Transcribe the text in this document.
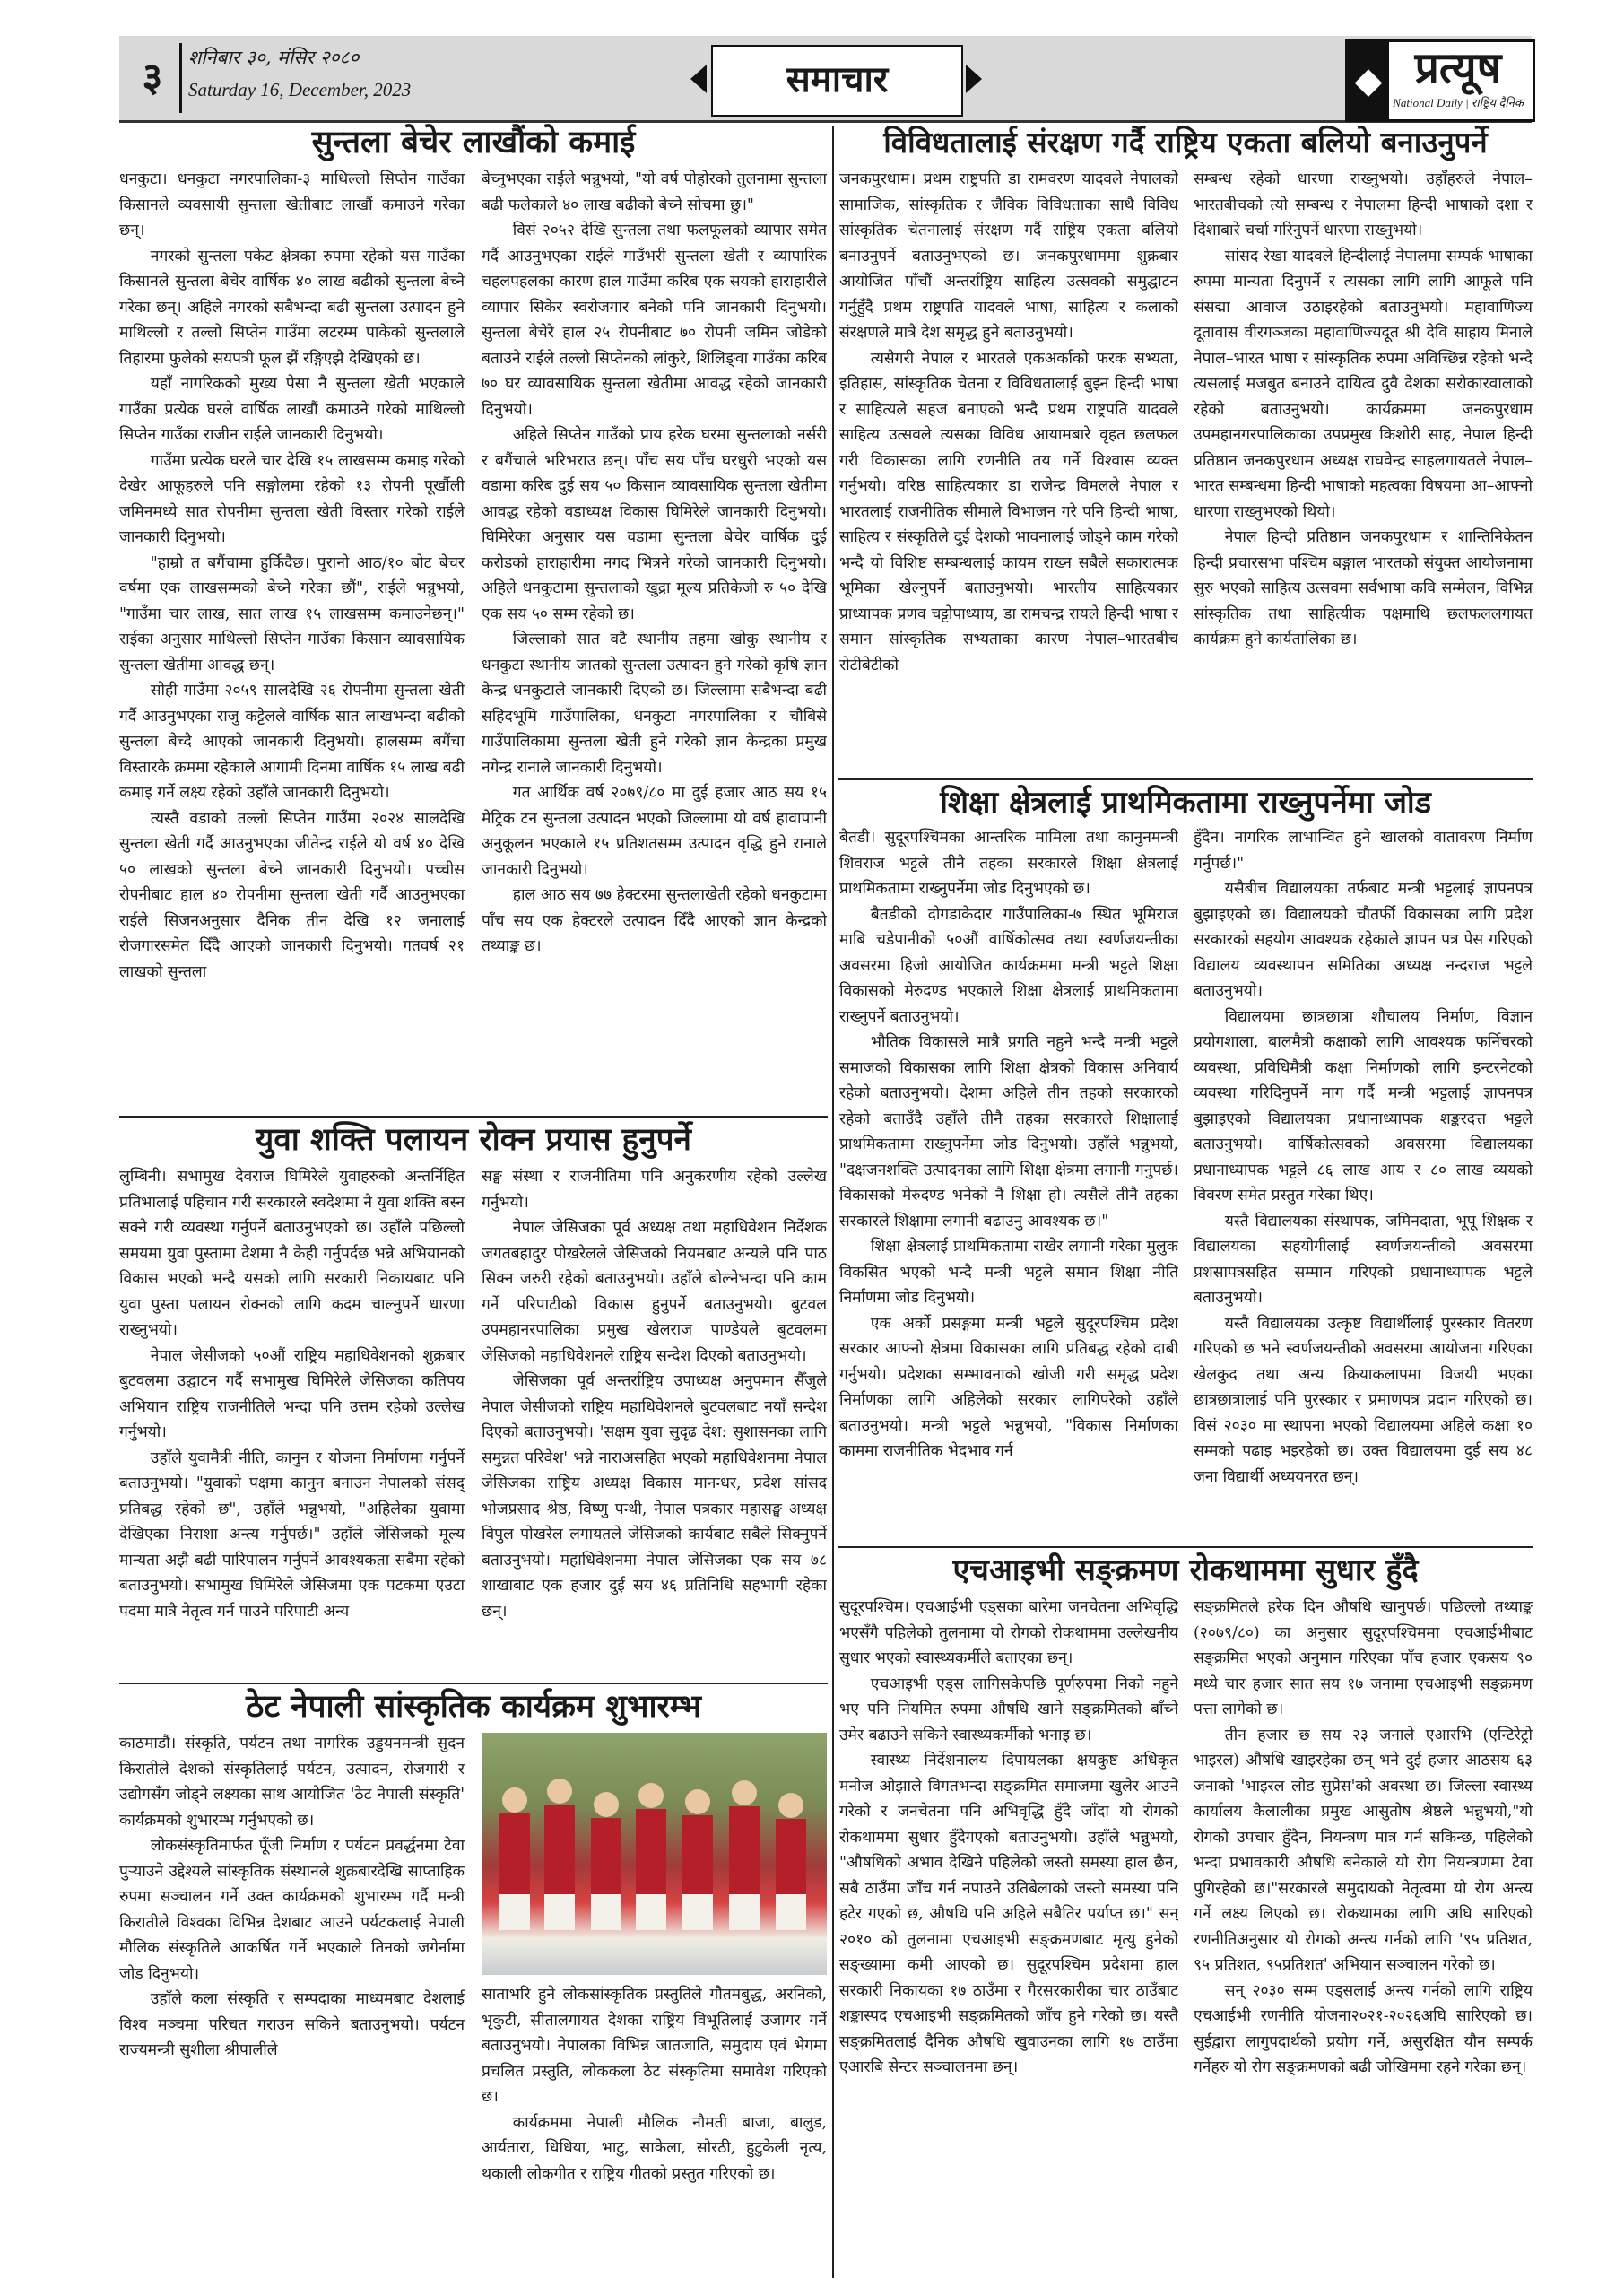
३	शनिबार ३०, मंसिर २०८०
Saturday 16, December, 2023	समाचार	◆ प्रत्यूष
National Daily | राष्ट्रिय दैनिक
सुन्तला बेचेर लाखौंको कमाई

धनकुटा। धनकुटा नगरपालिका-३ माथिल्लो सिप्तेन गाउँका किसानले व्यवसायी सुन्तला खेतीबाट लाखौं कमाउने गरेका छन्।

नगरको सुन्तला पकेट क्षेत्रका रुपमा रहेको यस गाउँका किसानले सुन्तला बेचेर वार्षिक ४० लाख बढीको सुन्तला बेच्ने गरेका छन्। अहिले नगरको सबैभन्दा बढी सुन्तला उत्पादन हुने माथिल्लो र तल्लो सिप्तेन गाउँमा लटरम्म पाकेको सुन्तलाले तिहारमा फुलेको सयपत्री फूल झैं रङ्गिएझै देखिएको छ।

यहाँ नागरिकको मुख्य पेसा नै सुन्तला खेती भएकाले गाउँका प्रत्येक घरले वार्षिक लाखौं कमाउने गरेको माथिल्लो सिप्तेन गाउँका राजीन राईले जानकारी दिनुभयो।

गाउँमा प्रत्येक घरले चार देखि १५ लाखसम्म कमाइ गरेको देखेर आफूहरुले पनि सङ्गोलमा रहेको १३ रोपनी पूर्खौली जमिनमध्ये सात रोपनीमा सुन्तला खेती विस्तार गरेको राईले जानकारी दिनुभयो।

"हाम्रो त बगैंचामा हुर्किदैछ। पुरानो आठ/१० बोट बेचर वर्षमा एक लाखसम्मको बेच्ने गरेका छौं", राईले भन्नुभयो, "गाउँमा चार लाख, सात लाख १५ लाखसम्म कमाउनेछन्।" राईका अनुसार माथिल्लो सिप्तेन गाउँका किसान व्यावसायिक सुन्तला खेतीमा आवद्ध छन्।

सोही गाउँमा २०५९ सालदेखि २६ रोपनीमा सुन्तला खेती गर्दै आउनुभएका राजु कट्टेलले वार्षिक सात लाखभन्दा बढीको सुन्तला बेच्दै आएको जानकारी दिनुभयो। हालसम्म बगैंचा विस्तारकै क्रममा रहेकाले आगामी दिनमा वार्षिक १५ लाख बढी कमाइ गर्ने लक्ष्य रहेको उहाँले जानकारी दिनुभयो।

त्यस्तै वडाको तल्लो सिप्तेन गाउँमा २०२४ सालदेखि सुन्तला खेती गर्दै आउनुभएका जीतेन्द्र राईले यो वर्ष ४० देखि ५० लाखको सुन्तला बेच्ने जानकारी दिनुभयो। पच्चीस रोपनीबाट हाल ४० रोपनीमा सुन्तला खेती गर्दै आउनुभएका राईले सिजनअनुसार दैनिक तीन देखि १२ जनालाई रोजगारसमेत दिँदै आएको जानकारी दिनुभयो। गतवर्ष २१ लाखको सुन्तला

बेच्नुभएका राईले भन्नुभयो, "यो वर्ष पोहोरको तुलनामा सुन्तला बढी फलेकाले ४० लाख बढीको बेच्ने सोचमा छु।"

विसं २०५२ देखि सुन्तला तथा फलफूलको व्यापार समेत गर्दै आउनुभएका राईले गाउँभरी सुन्तला खेती र व्यापारिक चहलपहलका कारण हाल गाउँमा करिब एक सयको हाराहारीले व्यापार सिकेर स्वरोजगार बनेको पनि जानकारी दिनुभयो। सुन्तला बेचेरै हाल २५ रोपनीबाट ७० रोपनी जमिन जोडेको बताउने राईले तल्लो सिप्तेनको लांकुरे, शिलिङ्वा गाउँका करिब ७० घर व्यावसायिक सुन्तला खेतीमा आवद्ध रहेको जानकारी दिनुभयो।

अहिले सिप्तेन गाउँको प्राय हरेक घरमा सुन्तलाको नर्सरी र बगैंचाले भरिभराउ छन्। पाँच सय पाँच घरधुरी भएको यस वडामा करिब दुई सय ५० किसान व्यावसायिक सुन्तला खेतीमा आवद्ध रहेको वडाध्यक्ष विकास घिमिरेले जानकारी दिनुभयो। घिमिरेका अनुसार यस वडामा सुन्तला बेचेर वार्षिक दुई करोडको हाराहारीमा नगद भित्रने गरेको जानकारी दिनुभयो। अहिले धनकुटामा सुन्तलाको खुद्रा मूल्य प्रतिकेजी रु ५० देखि एक सय ५० सम्म रहेको छ।

जिल्लाको सात वटै स्थानीय तहमा खोकु स्थानीय र धनकुटा स्थानीय जातको सुन्तला उत्पादन हुने गरेको कृषि ज्ञान केन्द्र धनकुटाले जानकारी दिएको छ। जिल्लामा सबैभन्दा बढी सहिदभूमि गाउँपालिका, धनकुटा नगरपालिका र चौबिसे गाउँपालिकामा सुन्तला खेती हुने गरेको ज्ञान केन्द्रका प्रमुख नगेन्द्र रानाले जानकारी दिनुभयो।

गत आर्थिक वर्ष २०७९/८० मा दुई हजार आठ सय १५ मेट्रिक टन सुन्तला उत्पादन भएको जिल्लामा यो वर्ष हावापानी अनुकूलन भएकाले १५ प्रतिशतसम्म उत्पादन वृद्धि हुने रानाले जानकारी दिनुभयो।

हाल आठ सय ७७ हेक्टरमा सुन्तलाखेती रहेको धनकुटामा पाँच सय एक हेक्टरले उत्पादन दिँदै आएको ज्ञान केन्द्रको तथ्याङ्क छ।

विविधतालाई संरक्षण गर्दै राष्ट्रिय एकता बलियो बनाउनुपर्ने

जनकपुरधाम। प्रथम राष्ट्रपति डा रामवरण यादवले नेपालको सामाजिक, सांस्कृतिक र जैविक विविधताका साथै विविध सांस्कृतिक चेतनालाई संरक्षण गर्दै राष्ट्रिय एकता बलियो बनाउनुपर्ने बताउनुभएको छ। जनकपुरधाममा शुक्रबार आयोजित पाँचौं अन्तर्राष्ट्रिय साहित्य उत्सवको समुद्घाटन गर्नुहुँदै प्रथम राष्ट्रपति यादवले भाषा, साहित्य र कलाको संरक्षणले मात्रै देश समृद्ध हुने बताउनुभयो।

त्यसैगरी नेपाल र भारतले एकअर्काको फरक सभ्यता, इतिहास, सांस्कृतिक चेतना र विविधतालाई बुझ्न हिन्दी भाषा र साहित्यले सहज बनाएको भन्दै प्रथम राष्ट्रपति यादवले साहित्य उत्सवले त्यसका विविध आयामबारे वृहत छलफल गरी विकासका लागि रणनीति तय गर्ने विश्वास व्यक्त गर्नुभयो। वरिष्ठ साहित्यकार डा राजेन्द्र विमलले नेपाल र भारतलाई राजनीतिक सीमाले विभाजन गरे पनि हिन्दी भाषा, साहित्य र संस्कृतिले दुई देशको भावनालाई जोड्ने काम गरेको भन्दै यो विशिष्ट सम्बन्धलाई कायम राख्न सबैले सकारात्मक भूमिका खेल्नुपर्ने बताउनुभयो। भारतीय साहित्यकार प्राध्यापक प्रणव चट्टोपाध्याय, डा रामचन्द्र रायले हिन्दी भाषा र समान सांस्कृतिक सभ्यताका कारण नेपाल–भारतबीच रोटीबेटीको

सम्बन्ध रहेको धारणा राख्नुभयो। उहाँहरुले नेपाल–भारतबीचको त्यो सम्बन्ध र नेपालमा हिन्दी भाषाको दशा र दिशाबारे चर्चा गरिनुपर्ने धारणा राख्नुभयो।

सांसद रेखा यादवले हिन्दीलाई नेपालमा सम्पर्क भाषाका रुपमा मान्यता दिनुपर्ने र त्यसका लागि लागि आफूले पनि संसद्मा आवाज उठाइरहेको बताउनुभयो। महावाणिज्य दूतावास वीरगञ्जका महावाणिज्यदूत श्री देवि साहाय मिनाले नेपाल–भारत भाषा र सांस्कृतिक रुपमा अविच्छिन्न रहेको भन्दै त्यसलाई मजबुत बनाउने दायित्व दुवै देशका सरोकारवालाको रहेको बताउनुभयो। कार्यक्रममा जनकपुरधाम उपमहानगरपालिकाका उपप्रमुख किशोरी साह, नेपाल हिन्दी प्रतिष्ठान जनकपुरधाम अध्यक्ष राघवेन्द्र साहलगायतले नेपाल–भारत सम्बन्धमा हिन्दी भाषाको महत्वका विषयमा आ–आफ्नो धारणा राख्नुभएको थियो।

नेपाल हिन्दी प्रतिष्ठान जनकपुरधाम र शान्तिनिकेतन हिन्दी प्रचारसभा पश्चिम बङ्गाल भारतको संयुक्त आयोजनामा सुरु भएको साहित्य उत्सवमा सर्वभाषा कवि सम्मेलन, विभिन्न सांस्कृतिक तथा साहित्यीक पक्षमाथि छलफललगायत कार्यक्रम हुने कार्यतालिका छ।

शिक्षा क्षेत्रलाई प्राथमिकतामा राख्नुपर्नेमा जोड

बैतडी। सुदूरपश्चिमका आन्तरिक मामिला तथा कानुनमन्त्री शिवराज भट्टले तीनै तहका सरकारले शिक्षा क्षेत्रलाई प्राथमिकतामा राख्नुपर्नेमा जोड दिनुभएको छ।

बैतडीको दोगडाकेदार गाउँपालिका-७ स्थित भूमिराज माबि चडेपानीको ५०औं वार्षिकोत्सव तथा स्वर्णजयन्तीका अवसरमा हिजो आयोजित कार्यक्रममा मन्त्री भट्टले शिक्षा विकासको मेरुदण्ड भएकाले शिक्षा क्षेत्रलाई प्राथमिकतामा राख्नुपर्ने बताउनुभयो।

भौतिक विकासले मात्रै प्रगति नहुने भन्दै मन्त्री भट्टले समाजको विकासका लागि शिक्षा क्षेत्रको विकास अनिवार्य रहेको बताउनुभयो। देशमा अहिले तीन तहको सरकारको रहेको बताउँदै उहाँले तीनै तहका सरकारले शिक्षालाई प्राथमिकतामा राख्नुपर्नेमा जोड दिनुभयो। उहाँले भन्नुभयो, "दक्षजनशक्ति उत्पादनका लागि शिक्षा क्षेत्रमा लगानी गनुपर्छ। विकासको मेरुदण्ड भनेको नै शिक्षा हो। त्यसैले तीनै तहका सरकारले शिक्षामा लगानी बढाउनु आवश्यक छ।"

शिक्षा क्षेत्रलाई प्राथमिकतामा राखेर लगानी गरेका मुलुक विकसित भएको भन्दै मन्त्री भट्टले समान शिक्षा नीति निर्माणमा जोड दिनुभयो।

एक अर्को प्रसङ्गमा मन्त्री भट्टले सुदूरपश्चिम प्रदेश सरकार आफ्नो क्षेत्रमा विकासका लागि प्रतिबद्ध रहेको दाबी गर्नुभयो। प्रदेशका सम्भावनाको खोजी गरी समृद्ध प्रदेश निर्माणका लागि अहिलेको सरकार लागिपरेको उहाँले बताउनुभयो। मन्त्री भट्टले भन्नुभयो, "विकास निर्माणका काममा राजनीतिक भेदभाव गर्न

हुँदैन। नागरिक लाभान्वित हुने खालको वातावरण निर्माण गर्नुपर्छ।"

यसैबीच विद्यालयका तर्फबाट मन्त्री भट्टलाई ज्ञापनपत्र बुझाइएको छ। विद्यालयको चौतर्फी विकासका लागि प्रदेश सरकारको सहयोग आवश्यक रहेकाले ज्ञापन पत्र पेस गरिएको विद्यालय व्यवस्थापन समितिका अध्यक्ष नन्दराज भट्टले बताउनुभयो।

विद्यालयमा छात्रछात्रा शौचालय निर्माण, विज्ञान प्रयोगशाला, बालमैत्री कक्षाको लागि आवश्यक फर्निचरको व्यवस्था, प्रविधिमैत्री कक्षा निर्माणको लागि इन्टरनेटको व्यवस्था गरिदिनुपर्ने माग गर्दै मन्त्री भट्टलाई ज्ञापनपत्र बुझाइएको विद्यालयका प्रधानाध्यापक शङ्करदत्त भट्टले बताउनुभयो। वार्षिकोत्सवको अवसरमा विद्यालयका प्रधानाध्यापक भट्टले ८६ लाख आय र ८० लाख व्ययको विवरण समेत प्रस्तुत गरेका थिए।

यस्तै विद्यालयका संस्थापक, जमिनदाता, भूपू शिक्षक र विद्यालयका सहयोगीलाई स्वर्णजयन्तीको अवसरमा प्रशंसापत्रसहित सम्मान गरिएको प्रधानाध्यापक भट्टले बताउनुभयो।

यस्तै विद्यालयका उत्कृष्ट विद्यार्थीलाई पुरस्कार वितरण गरिएको छ भने स्वर्णजयन्तीको अवसरमा आयोजना गरिएका खेलकुद तथा अन्य क्रियाकलापमा विजयी भएका छात्रछात्रालाई पनि पुरस्कार र प्रमाणपत्र प्रदान गरिएको छ। विसं २०३० मा स्थापना भएको विद्यालयमा अहिले कक्षा १० सम्मको पढाइ भइरहेको छ। उक्त विद्यालयमा दुई सय ४८ जना विद्यार्थी अध्ययनरत छन्।

एचआइभी सङ्क्रमण रोकथाममा सुधार हुँदै

सुदूरपश्चिम। एचआईभी एड्सका बारेमा जनचेतना अभिवृद्धि भएसँगै पहिलेको तुलनामा यो रोगको रोकथाममा उल्लेखनीय सुधार भएको स्वास्थ्यकर्मीले बताएका छन्।

एचआइभी एड्स लागिसकेपछि पूर्णरुपमा निको नहुने भए पनि नियमित रुपमा औषधि खाने सङ्क्रमितको बाँच्ने उमेर बढाउने सकिने स्वास्थ्यकर्मीको भनाइ छ।

स्वास्थ्य निर्देशनालय दिपायलका क्षयकुष्ट अधिकृत मनोज ओझाले विगतभन्दा सङ्क्रमित समाजमा खुलेर आउने गरेको र जनचेतना पनि अभिवृद्धि हुँदै जाँदा यो रोगको रोकथाममा सुधार हुँदैगएको बताउनुभयो। उहाँले भन्नुभयो, "औषधिको अभाव देखिने पहिलेको जस्तो समस्या हाल छैन, सबै ठाउँमा जाँच गर्न नपाउने उतिबेलाको जस्तो समस्या पनि हटेर गएको छ, औषधि पनि अहिले सबैतिर पर्याप्त छ।" सन् २०१० को तुलनामा एचआइभी सङ्क्रमणबाट मृत्यु हुनेको सङ्ख्यामा कमी आएको छ। सुदूरपश्चिम प्रदेशमा हाल सरकारी निकायका १७ ठाउँमा र गैरसरकारीका चार ठाउँबाट शङ्कास्पद एचआइभी सङ्क्रमितको जाँच हुने गरेको छ। यस्तै सङ्क्रमितलाई दैनिक औषधि खुवाउनका लागि १७ ठाउँमा एआरबि सेन्टर सञ्चालनमा छन्।

सङ्क्रमितले हरेक दिन औषधि खानुपर्छ। पछिल्लो तथ्याङ्क (२०७९/८०) का अनुसार सुदूरपश्चिममा एचआईभीबाट सङ्क्रमित भएको अनुमान गरिएका पाँच हजार एकसय ९० मध्ये चार हजार सात सय १७ जनामा एचआइभी सङ्क्रमण पत्ता लागेको छ।

तीन हजार छ सय २३ जनाले एआरभि (एन्टिरेट्रो भाइरल) औषधि खाइरहेका छन् भने दुई हजार आठसय ६३ जनाको 'भाइरल लोड सुप्रेस'को अवस्था छ। जिल्ला स्वास्थ्य कार्यालय कैलालीका प्रमुख आसुतोष श्रेष्ठले भन्नुभयो,"यो रोगको उपचार हुँदैन, नियन्त्रण मात्र गर्न सकिन्छ, पहिलेको भन्दा प्रभावकारी औषधि बनेकाले यो रोग नियन्त्रणमा टेवा पुगिरहेको छ।"सरकारले समुदायको नेतृत्वमा यो रोग अन्त्य गर्ने लक्ष्य लिएको छ। रोकथामका लागि अघि सारिएको रणनीतिअनुसार यो रोगको अन्त्य गर्नको लागि '९५ प्रतिशत, ९५ प्रतिशत, ९५प्रतिशत' अभियान सञ्चालन गरेको छ।

सन् २०३० सम्म एड्सलाई अन्त्य गर्नको लागि राष्ट्रिय एचआईभी रणनीति योजना२०२१-२०२६अघि सारिएको छ। सुईद्वारा लागुपदार्थको प्रयोग गर्ने, असुरक्षित यौन सम्पर्क गर्नेहरु यो रोग सङ्क्रमणको बढी जोखिममा रहने गरेका छन्।

युवा शक्ति पलायन रोक्न प्रयास हुनुपर्ने

लुम्बिनी। सभामुख देवराज घिमिरेले युवाहरुको अन्तर्निहित प्रतिभालाई पहिचान गरी सरकारले स्वदेशमा नै युवा शक्ति बस्न सक्ने गरी व्यवस्था गर्नुपर्ने बताउनुभएको छ। उहाँले पछिल्लो समयमा युवा पुस्तामा देशमा नै केही गर्नुपर्दछ भन्ने अभियानको विकास भएको भन्दै यसको लागि सरकारी निकायबाट पनि युवा पुस्ता पलायन रोक्नको लागि कदम चाल्नुपर्ने धारणा राख्नुभयो।

नेपाल जेसीजको ५०औं राष्ट्रिय महाधिवेशनको शुक्रबार बुटवलमा उद्घाटन गर्दै सभामुख घिमिरेले जेसिजका कतिपय अभियान राष्ट्रिय राजनीतिले भन्दा पनि उत्तम रहेको उल्लेख गर्नुभयो।

उहाँले युवामैत्री नीति, कानुन र योजना निर्माणमा गर्नुपर्ने बताउनुभयो। "युवाको पक्षमा कानुन बनाउन नेपालको संसद् प्रतिबद्ध रहेको छ", उहाँले भन्नुभयो, "अहिलेका युवामा देखिएका निराशा अन्त्य गर्नुपर्छ।" उहाँले जेसिजको मूल्य मान्यता अझै बढी पारिपालन गर्नुपर्ने आवश्यकता सबैमा रहेको बताउनुभयो। सभामुख घिमिरेले जेसिजमा एक पटकमा एउटा पदमा मात्रै नेतृत्व गर्न पाउने परिपाटी अन्य

सङ्घ संस्था र राजनीतिमा पनि अनुकरणीय रहेको उल्लेख गर्नुभयो।

नेपाल जेसिजका पूर्व अध्यक्ष तथा महाधिवेशन निर्देशक जगतबहादुर पोखरेलले जेसिजको नियमबाट अन्यले पनि पाठ सिक्न जरुरी रहेको बताउनुभयो। उहाँले बोल्नेभन्दा पनि काम गर्ने परिपाटीको विकास हुनुपर्ने बताउनुभयो। बुटवल उपमहानरपालिका प्रमुख खेलराज पाण्डेयले बुटवलमा जेसिजको महाधिवेशनले राष्ट्रिय सन्देश दिएको बताउनुभयो।

जेसिजका पूर्व अन्तर्राष्ट्रिय उपाध्यक्ष अनुपमान सैँजुले नेपाल जेसीजको राष्ट्रिय महाधिवेशनले बुटवलबाट नयाँ सन्देश दिएको बताउनुभयो। 'सक्षम युवा सुदृढ देश: सुशासनका लागि समुन्नत परिवेश' भन्ने नाराअसहित भएको महाधिवेशनमा नेपाल जेसिजका राष्ट्रिय अध्यक्ष विकास मानन्धर, प्रदेश सांसद भोजप्रसाद श्रेष्ठ, विष्णु पन्थी, नेपाल पत्रकार महासङ्घ अध्यक्ष विपुल पोखरेल लगायतले जेसिजको कार्यबाट सबैले सिक्नुपर्ने बताउनुभयो। महाधिवेशनमा नेपाल जेसिजका एक सय ७८ शाखाबाट एक हजार दुई सय ४६ प्रतिनिधि सहभागी रहेका छन्।

ठेट नेपाली सांस्कृतिक कार्यक्रम शुभारम्भ

काठमाडौं। संस्कृति, पर्यटन तथा नागरिक उड्डयनमन्त्री सुदन किरातीले देशको संस्कृतिलाई पर्यटन, उत्पादन, रोजगारी र उद्योगसँग जोड्ने लक्ष्यका साथ आयोजित 'ठेट नेपाली संस्कृति' कार्यक्रमको शुभारम्भ गर्नुभएको छ।

लोकसंस्कृतिमार्फत पूँजी निर्माण र पर्यटन प्रवर्द्धनमा टेवा पुऱ्याउने उद्देश्यले सांस्कृतिक संस्थानले शुक्रबारदेखि साप्ताहिक रुपमा सञ्चालन गर्ने उक्त कार्यक्रमको शुभारम्भ गर्दै मन्त्री किरातीले विश्वका विभिन्न देशबाट आउने पर्यटकलाई नेपाली मौलिक संस्कृतिले आकर्षित गर्ने भएकाले तिनको जगेर्नामा जोड दिनुभयो।

उहाँले कला संस्कृति र सम्पदाका माध्यमबाट देशलाई विश्व मञ्चमा परिचत गराउन सकिने बताउनुभयो। पर्यटन राज्यमन्त्री सुशीला श्रीपालीले

साताभरि हुने लोकसांस्कृतिक प्रस्तुतिले गौतमबुद्ध, अरनिको, भृकुटी, सीतालगायत देशका राष्ट्रिय विभूतिलाई उजागर गर्ने बताउनुभयो। नेपालका विभिन्न जातजाति, समुदाय एवं भेगमा प्रचलित प्रस्तुति, लोककला ठेट संस्कृतिमा समावेश गरिएको छ।

कार्यक्रममा नेपाली मौलिक नौमती बाजा, बालुड, आर्यतारा, धिधिया, भाटु, साकेला, सोरठी, हुटुकेली नृत्य, थकाली लोकगीत र राष्ट्रिय गीतको प्रस्तुत गरिएको छ।
